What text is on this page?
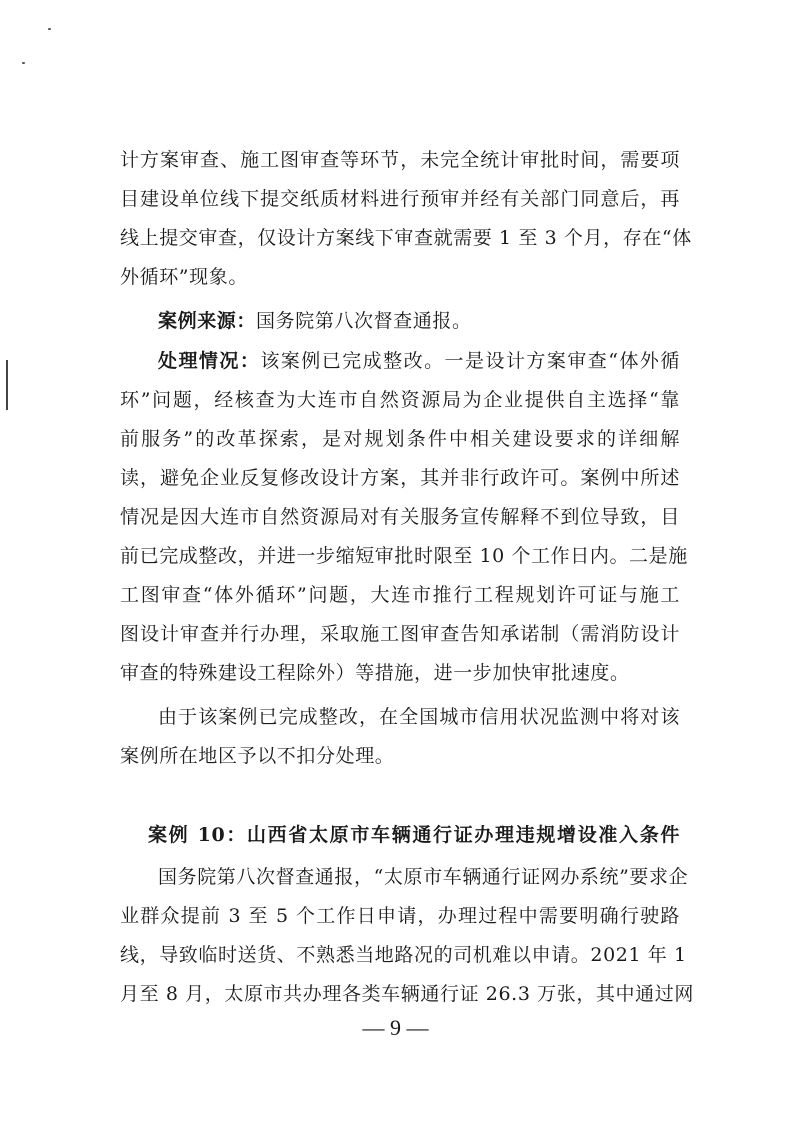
计方案审查、施工图审查等环节，未完全统计审批时间，需要项
目建设单位线下提交纸质材料进行预审并经有关部门同意后，再
线上提交审查，仅设计方案线下审查就需要 1 至 3 个月，存在“体
外循环”现象。
案例来源：国务院第八次督查通报。
处理情况：该案例已完成整改。一是设计方案审查“体外循
环”问题，经核查为大连市自然资源局为企业提供自主选择“靠
前服务”的改革探索，是对规划条件中相关建设要求的详细解
读，避免企业反复修改设计方案，其并非行政许可。案例中所述
情况是因大连市自然资源局对有关服务宣传解释不到位导致，目
前已完成整改，并进一步缩短审批时限至 10 个工作日内。二是施
工图审查“体外循环”问题，大连市推行工程规划许可证与施工
图设计审查并行办理，采取施工图审查告知承诺制（需消防设计
审查的特殊建设工程除外）等措施，进一步加快审批速度。
由于该案例已完成整改，在全国城市信用状况监测中将对该
案例所在地区予以不扣分处理。
案例 10：山西省太原市车辆通行证办理违规增设准入条件
国务院第八次督查通报，“太原市车辆通行证网办系统”要求企
业群众提前 3 至 5 个工作日申请，办理过程中需要明确行驶路
线，导致临时送货、不熟悉当地路况的司机难以申请。2021 年 1
月至 8 月，太原市共办理各类车辆通行证 26.3 万张，其中通过网
— 9 —
